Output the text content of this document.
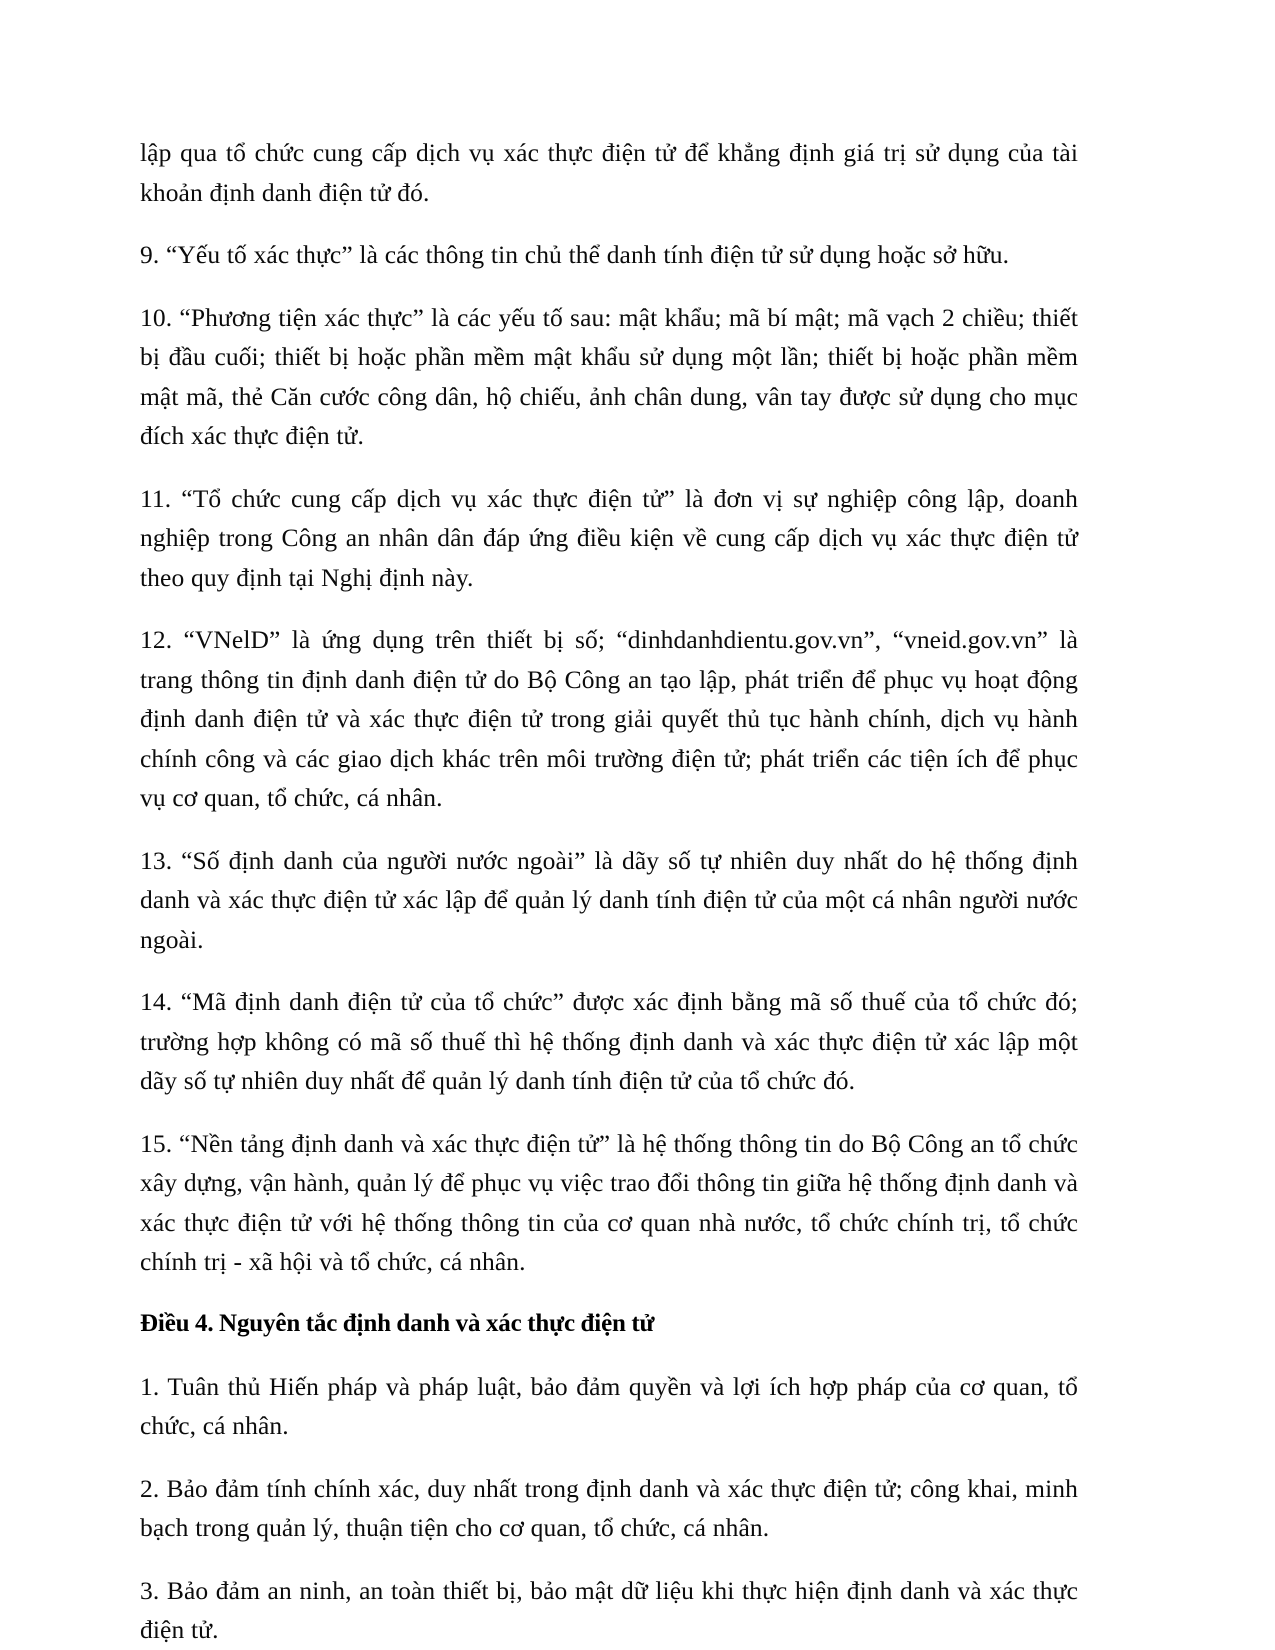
lập qua tổ chức cung cấp dịch vụ xác thực điện tử để khẳng định giá trị sử dụng của tài khoản định danh điện tử đó.

9. “Yếu tố xác thực” là các thông tin chủ thể danh tính điện tử sử dụng hoặc sở hữu.

10. “Phương tiện xác thực” là các yếu tố sau: mật khẩu; mã bí mật; mã vạch 2 chiều; thiết bị đầu cuối; thiết bị hoặc phần mềm mật khẩu sử dụng một lần; thiết bị hoặc phần mềm mật mã, thẻ Căn cước công dân, hộ chiếu, ảnh chân dung, vân tay được sử dụng cho mục đích xác thực điện tử.

11. “Tổ chức cung cấp dịch vụ xác thực điện tử” là đơn vị sự nghiệp công lập, doanh nghiệp trong Công an nhân dân đáp ứng điều kiện về cung cấp dịch vụ xác thực điện tử theo quy định tại Nghị định này.

12. “VNelD” là ứng dụng trên thiết bị số; “dinhdanhdientu.gov.vn”, “vneid.gov.vn” là trang thông tin định danh điện tử do Bộ Công an tạo lập, phát triển để phục vụ hoạt động định danh điện tử và xác thực điện tử trong giải quyết thủ tục hành chính, dịch vụ hành chính công và các giao dịch khác trên môi trường điện tử; phát triển các tiện ích để phục vụ cơ quan, tổ chức, cá nhân.

13. “Số định danh của người nước ngoài” là dãy số tự nhiên duy nhất do hệ thống định danh và xác thực điện tử xác lập để quản lý danh tính điện tử của một cá nhân người nước ngoài.

14. “Mã định danh điện tử của tổ chức” được xác định bằng mã số thuế của tổ chức đó; trường hợp không có mã số thuế thì hệ thống định danh và xác thực điện tử xác lập một dãy số tự nhiên duy nhất để quản lý danh tính điện tử của tổ chức đó.

15. “Nền tảng định danh và xác thực điện tử” là hệ thống thông tin do Bộ Công an tổ chức xây dựng, vận hành, quản lý để phục vụ việc trao đổi thông tin giữa hệ thống định danh và xác thực điện tử với hệ thống thông tin của cơ quan nhà nước, tổ chức chính trị, tổ chức chính trị - xã hội và tổ chức, cá nhân.

Điều 4. Nguyên tắc định danh và xác thực điện tử

1. Tuân thủ Hiến pháp và pháp luật, bảo đảm quyền và lợi ích hợp pháp của cơ quan, tổ chức, cá nhân.

2. Bảo đảm tính chính xác, duy nhất trong định danh và xác thực điện tử; công khai, minh bạch trong quản lý, thuận tiện cho cơ quan, tổ chức, cá nhân.

3. Bảo đảm an ninh, an toàn thiết bị, bảo mật dữ liệu khi thực hiện định danh và xác thực điện tử.
